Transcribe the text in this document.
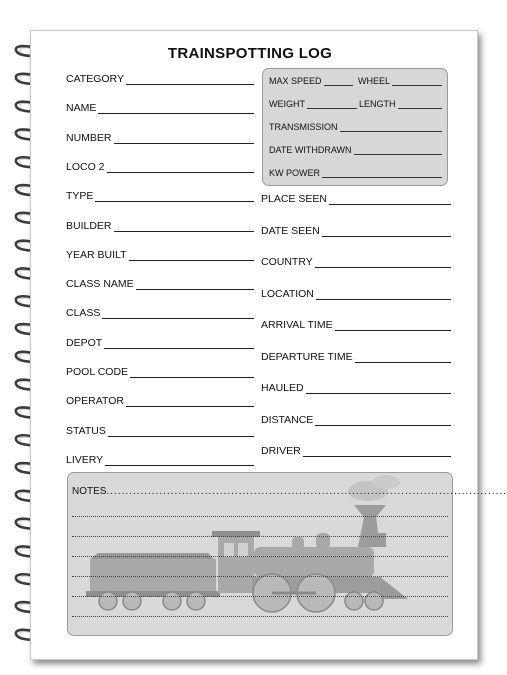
TRAINSPOTTING LOG
CATEGORY
NAME
NUMBER
LOCO 2
TYPE
BUILDER
YEAR BUILT
CLASS NAME
CLASS
DEPOT
POOL CODE
OPERATOR
STATUS
LIVERY
MAX SPEED	WHEEL
WEIGHT	LENGTH
TRANSMISSION
DATE WITHDRAWN
KW POWER
PLACE SEEN
DATE SEEN
COUNTRY
LOCATION
ARRIVAL TIME
DEPARTURE TIME
HAULED
DISTANCE
DRIVER
NOTES ..........................................................................................................
